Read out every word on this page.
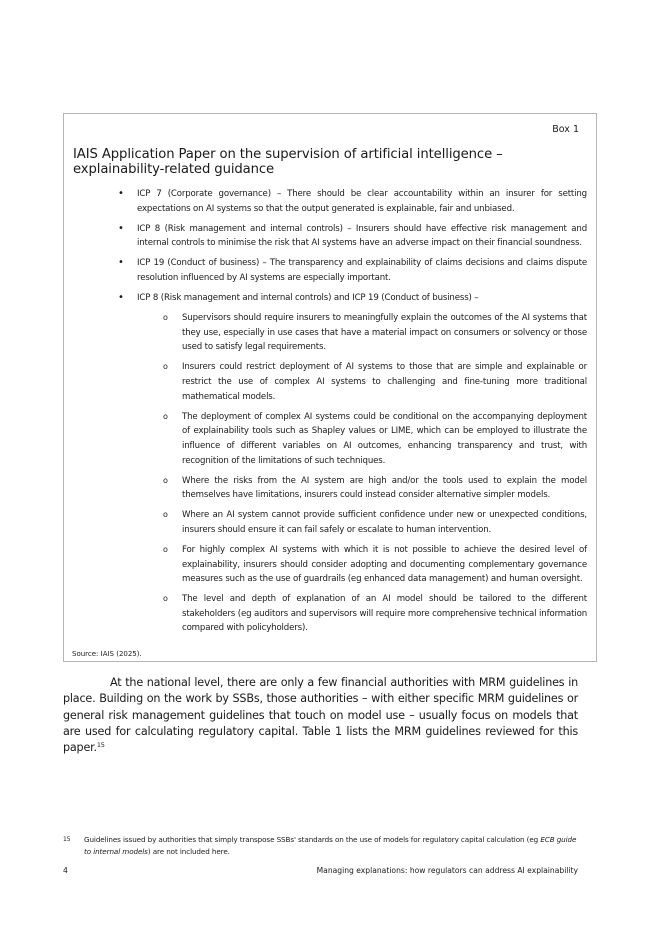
Box 1
IAIS Application Paper on the supervision of artificial intelligence – explainability-related guidance
• ICP 7 (Corporate governance) – There should be clear accountability within an insurer for setting expectations on AI systems so that the output generated is explainable, fair and unbiased.
• ICP 8 (Risk management and internal controls) – Insurers should have effective risk management and internal controls to minimise the risk that AI systems have an adverse impact on their financial soundness.
• ICP 19 (Conduct of business) – The transparency and explainability of claims decisions and claims dispute resolution influenced by AI systems are especially important.
• ICP 8 (Risk management and internal controls) and ICP 19 (Conduct of business) –
o Supervisors should require insurers to meaningfully explain the outcomes of the AI systems that they use, especially in use cases that have a material impact on consumers or solvency or those used to satisfy legal requirements.
o Insurers could restrict deployment of AI systems to those that are simple and explainable or restrict the use of complex AI systems to challenging and fine-tuning more traditional mathematical models.
o The deployment of complex AI systems could be conditional on the accompanying deployment of explainability tools such as Shapley values or LIME, which can be employed to illustrate the influence of different variables on AI outcomes, enhancing transparency and trust, with recognition of the limitations of such techniques.
o Where the risks from the AI system are high and/or the tools used to explain the model themselves have limitations, insurers could instead consider alternative simpler models.
o Where an AI system cannot provide sufficient confidence under new or unexpected conditions, insurers should ensure it can fail safely or escalate to human intervention.
o For highly complex AI systems with which it is not possible to achieve the desired level of explainability, insurers should consider adopting and documenting complementary governance measures such as the use of guardrails (eg enhanced data management) and human oversight.
o The level and depth of explanation of an AI model should be tailored to the different stakeholders (eg auditors and supervisors will require more comprehensive technical information compared with policyholders).
Source: IAIS (2025).

At the national level, there are only a few financial authorities with MRM guidelines in place. Building on the work by SSBs, those authorities – with either specific MRM guidelines or general risk management guidelines that touch on model use – usually focus on models that are used for calculating regulatory capital. Table 1 lists the MRM guidelines reviewed for this paper.$^{15}$

15 Guidelines issued by authorities that simply transpose SSBs' standards on the use of models for regulatory capital calculation (eg ECB guide to internal models) are not included here.
4	Managing explanations: how regulators can address AI explainability
